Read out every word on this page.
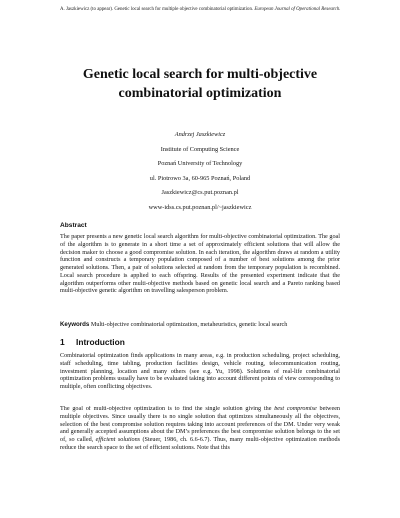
A. Jaszkiewicz (to appear). Genetic local search for multiple objective combinatorial optimization. European Journal of Operational Research.
Genetic local search for multi-objective
combinatorial optimization
Andrzej Jaszkiewicz
Institute of Computing Science
Poznań University of Technology
ul. Piotrowo 3a, 60-965 Poznań, Poland
Jaszkiewicz@cs.put.poznan.pl
www-idss.cs.put.poznan.pl/~jaszkiewicz
Abstract
The paper presents a new genetic local search algorithm for multi-objective combinatorial optimization. The goal of the algorithm is to generate in a short time a set of approximately efficient solutions that will allow the decision maker to choose a good compromise solution. In each iteration, the algorithm draws at random a utility function and constructs a temporary population composed of a number of best solutions among the prior generated solutions. Then, a pair of solutions selected at random from the temporary population is recombined. Local search procedure is applied to each offspring. Results of the presented experiment indicate that the algorithm outperforms other multi-objective methods based on genetic local search and a Pareto ranking based multi-objective genetic algorithm on travelling salesperson problem.
Keywords Multi-objective combinatorial optimization, metaheuristics, genetic local search
1 Introduction
Combinatorial optimization finds applications in many areas, e.g. in production scheduling, project scheduling, staff scheduling, time tabling, production facilities design, vehicle routing, telecommunication routing, investment planning, location and many others (see e.g. Yu, 1998). Solutions of real-life combinatorial optimization problems usually have to be evaluated taking into account different points of view corresponding to multiple, often conflicting objectives.
The goal of multi-objective optimization is to find the single solution giving the best compromise between multiple objectives. Since usually there is no single solution that optimizes simultaneously all the objectives, selection of the best compromise solution requires taking into account preferences of the DM. Under very weak and generally accepted assumptions about the DM’s preferences the best compromise solution belongs to the set of, so called, efficient solutions (Steuer, 1986, ch. 6.6-6.7). Thus, many multi-objective optimization methods reduce the search space to the set of efficient solutions. Note that this
